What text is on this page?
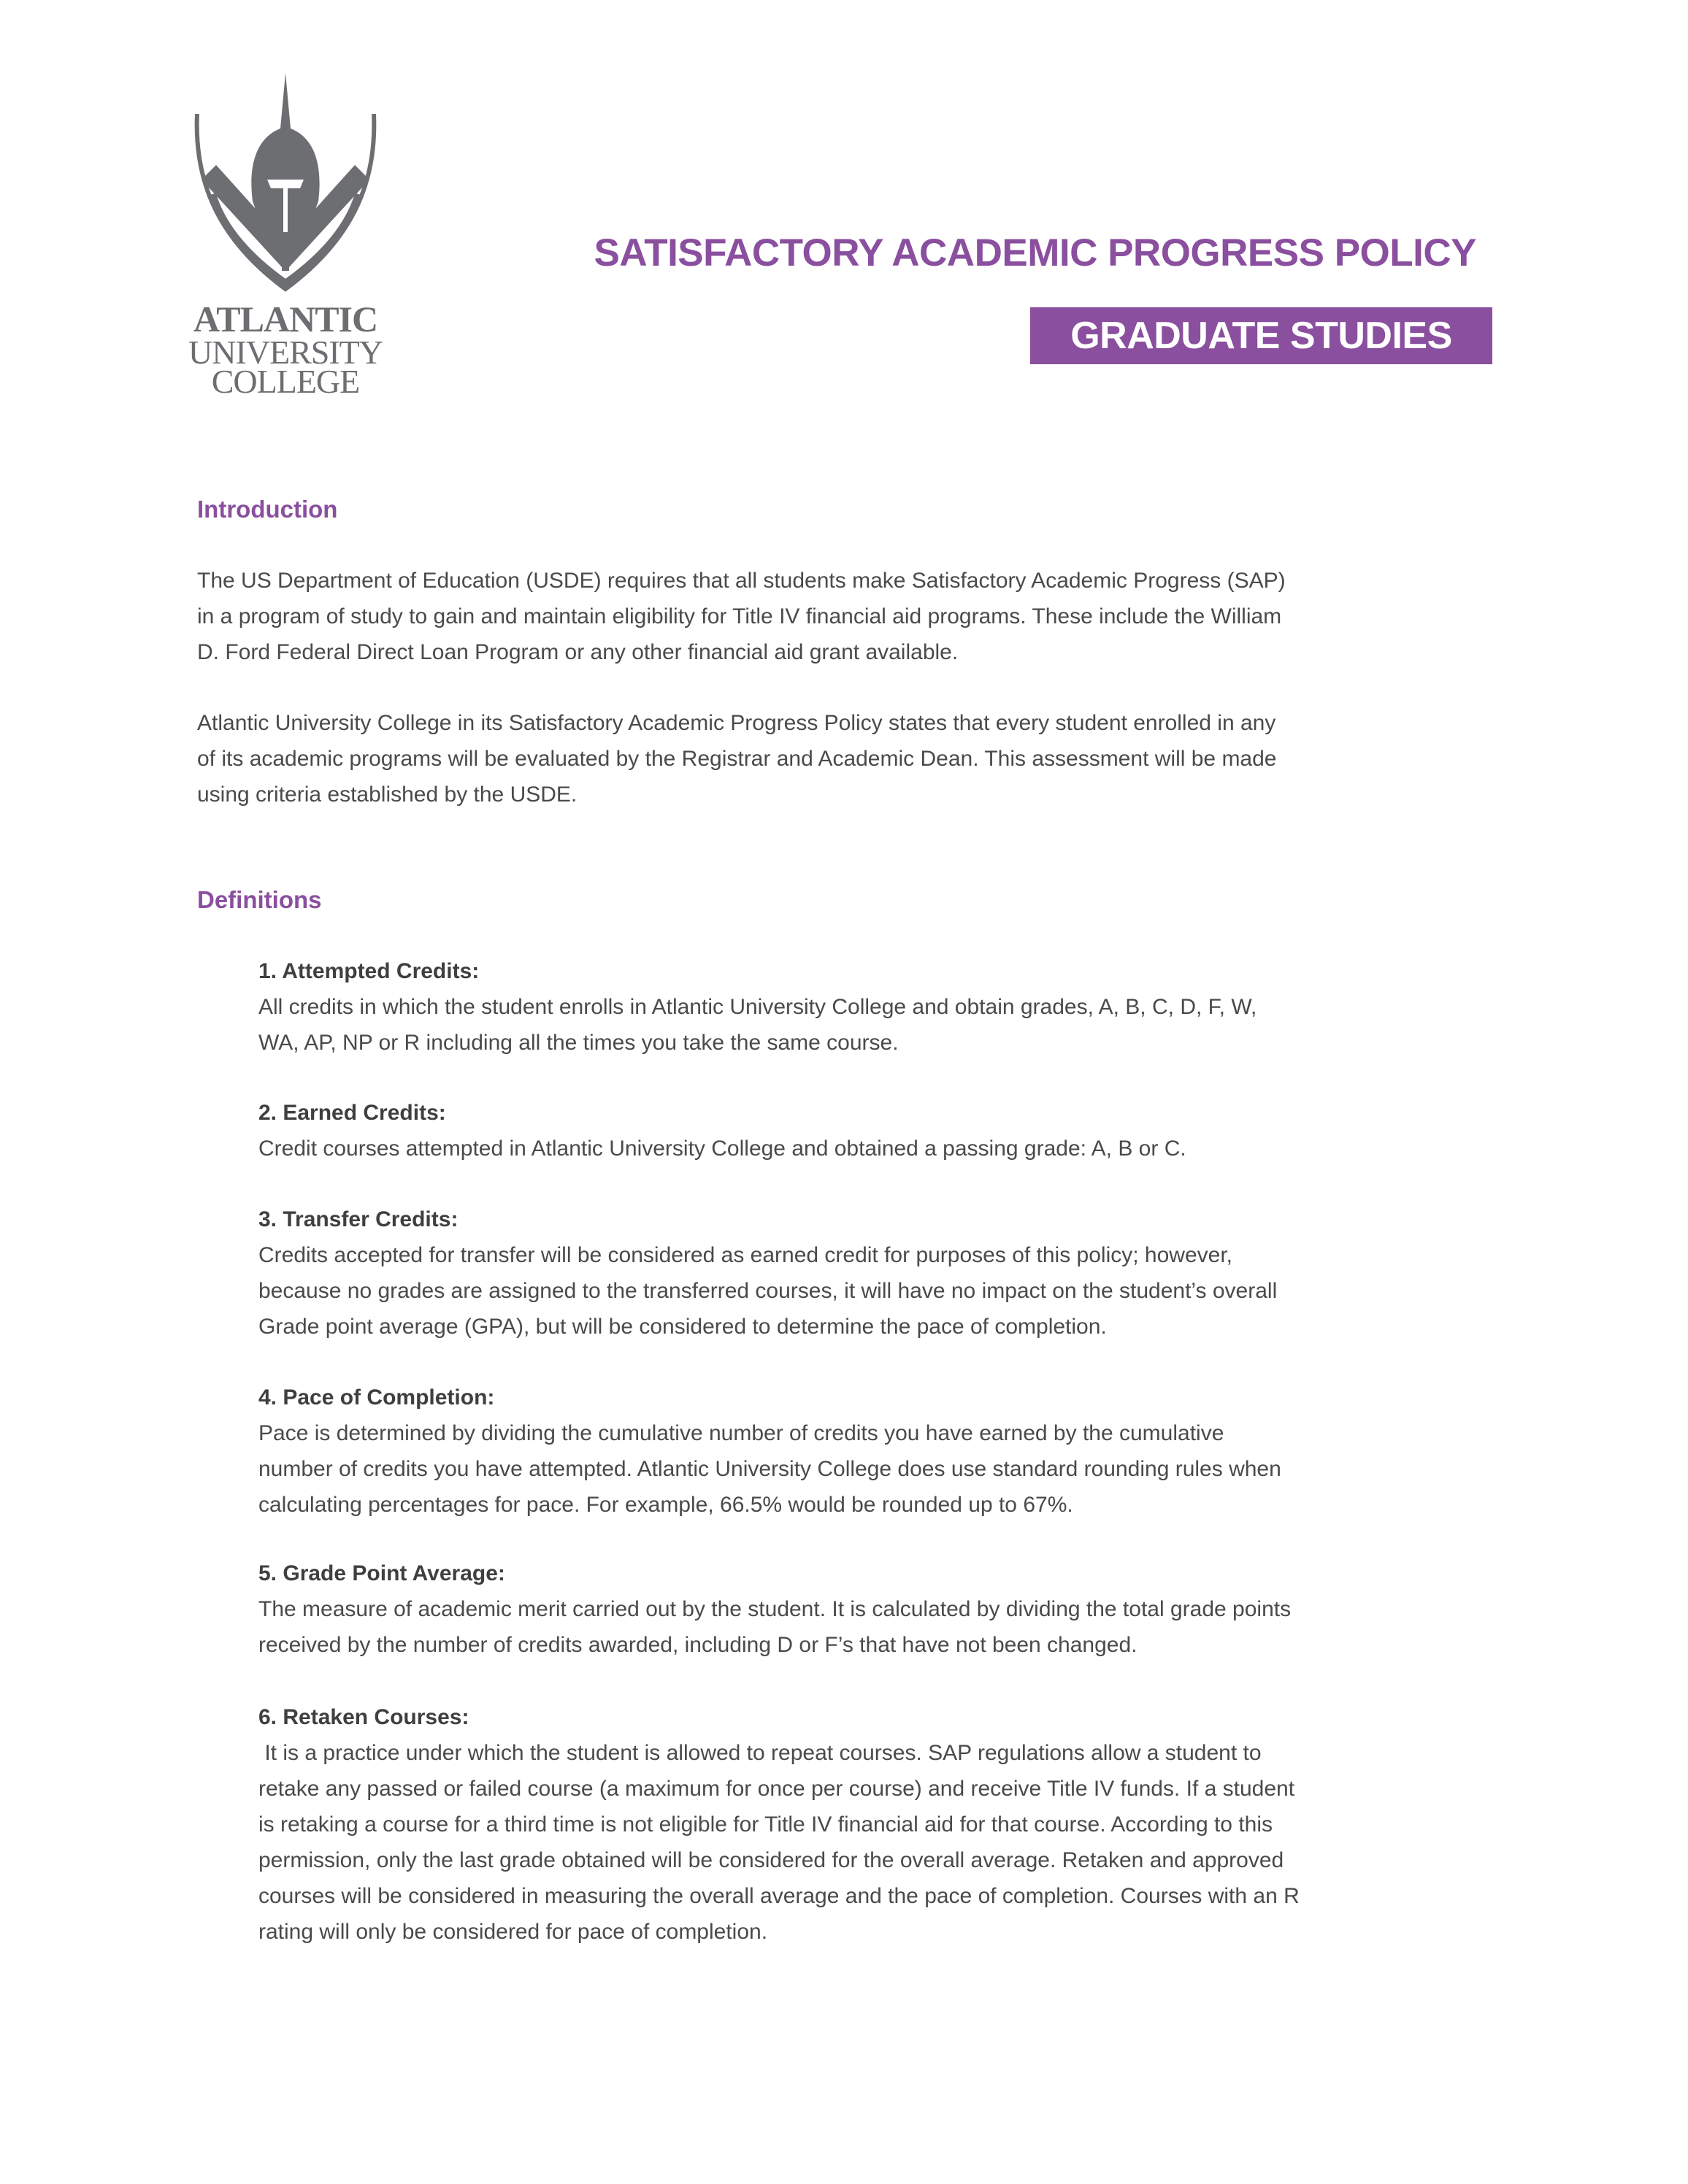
ATLANTIC
UNIVERSITY
COLLEGE
SATISFACTORY ACADEMIC PROGRESS POLICY
GRADUATE STUDIES
Introduction
The US Department of Education (USDE) requires that all students make Satisfactory Academic Progress (SAP)
in a program of study to gain and maintain eligibility for Title IV financial aid programs. These include the William
D. Ford Federal Direct Loan Program or any other financial aid grant available.
Atlantic University College in its Satisfactory Academic Progress Policy states that every student enrolled in any
of its academic programs will be evaluated by the Registrar and Academic Dean. This assessment will be made
using criteria established by the USDE.
Definitions
1. Attempted Credits:
All credits in which the student enrolls in Atlantic University College and obtain grades, A, B, C, D, F, W,
WA, AP, NP or R including all the times you take the same course.
2. Earned Credits:
Credit courses attempted in Atlantic University College and obtained a passing grade: A, B or C.
3. Transfer Credits:
Credits accepted for transfer will be considered as earned credit for purposes of this policy; however,
because no grades are assigned to the transferred courses, it will have no impact on the student’s overall
Grade point average (GPA), but will be considered to determine the pace of completion.
4. Pace of Completion:
Pace is determined by dividing the cumulative number of credits you have earned by the cumulative
number of credits you have attempted. Atlantic University College does use standard rounding rules when
calculating percentages for pace. For example, 66.5% would be rounded up to 67%.
5. Grade Point Average:
The measure of academic merit carried out by the student. It is calculated by dividing the total grade points
received by the number of credits awarded, including D or F’s that have not been changed.
6. Retaken Courses:
It is a practice under which the student is allowed to repeat courses. SAP regulations allow a student to
retake any passed or failed course (a maximum for once per course) and receive Title IV funds. If a student
is retaking a course for a third time is not eligible for Title IV financial aid for that course. According to this
permission, only the last grade obtained will be considered for the overall average. Retaken and approved
courses will be considered in measuring the overall average and the pace of completion. Courses with an R
rating will only be considered for pace of completion.
